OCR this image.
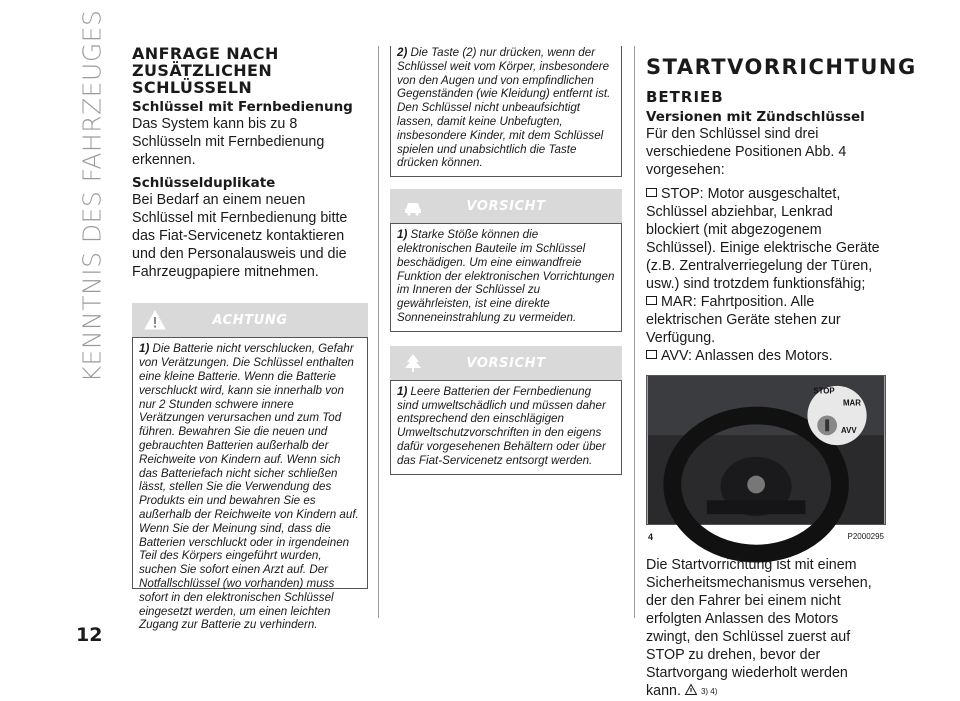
KENNTNIS DES FAHRZEUGES
12
ANFRAGE NACH ZUSÄTZLICHEN SCHLÜSSELN
Schlüssel mit Fernbedienung
Das System kann bis zu 8 Schlüsseln mit Fernbedienung erkennen.
Schlüsselduplikate
Bei Bedarf an einem neuen Schlüssel mit Fernbedienung bitte das Fiat-Servicenetz kontaktieren und den Personalausweis und die Fahrzeugpapiere mitnehmen.
ACHTUNG
1) Die Batterie nicht verschlucken, Gefahr von Verätzungen. Die Schlüssel enthalten eine kleine Batterie. Wenn die Batterie verschluckt wird, kann sie innerhalb von nur 2 Stunden schwere innere Verätzungen verursachen und zum Tod führen. Bewahren Sie die neuen und gebrauchten Batterien außerhalb der Reichweite von Kindern auf. Wenn sich das Batteriefach nicht sicher schließen lässt, stellen Sie die Verwendung des Produkts ein und bewahren Sie es außerhalb der Reichweite von Kindern auf. Wenn Sie der Meinung sind, dass die Batterien verschluckt oder in irgendeinen Teil des Körpers eingeführt wurden, suchen Sie sofort einen Arzt auf. Der Notfallschlüssel (wo vorhanden) muss sofort in den elektronischen Schlüssel eingesetzt werden, um einen leichten Zugang zur Batterie zu verhindern.
2) Die Taste (2) nur drücken, wenn der Schlüssel weit vom Körper, insbesondere von den Augen und von empfindlichen Gegenständen (wie Kleidung) entfernt ist. Den Schlüssel nicht unbeaufsichtigt lassen, damit keine Unbefugten, insbesondere Kinder, mit dem Schlüssel spielen und unabsichtlich die Taste drücken können.
VORSICHT
1) Starke Stöße können die elektronischen Bauteile im Schlüssel beschädigen. Um eine einwandfreie Funktion der elektronischen Vorrichtungen im Inneren der Schlüssel zu gewährleisten, ist eine direkte Sonneneinstrahlung zu vermeiden.
VORSICHT
1) Leere Batterien der Fernbedienung sind umweltschädlich und müssen daher entsprechend den einschlägigen Umweltschutzvorschriften in den eigens dafür vorgesehenen Behältern oder über das Fiat-Servicenetz entsorgt werden.
STARTVORRICHTUNG
BETRIEB
Versionen mit Zündschlüssel
Für den Schlüssel sind drei verschiedene Positionen Abb. 4 vorgesehen:
STOP: Motor ausgeschaltet, Schlüssel abziehbar, Lenkrad blockiert (mit abgezogenem Schlüssel). Einige elektrische Geräte (z.B. Zentralverriegelung der Türen, usw.) sind trotzdem funktionsfähig;
MAR: Fahrtposition. Alle elektrischen Geräte stehen zur Verfügung.
AVV: Anlassen des Motors.
STOP
MAR
AVV
4	P2000295
Die Startvorrichtung ist mit einem Sicherheitsmechanismus versehen, der den Fahrer bei einem nicht erfolgten Anlassen des Motors zwingt, den Schlüssel zuerst auf STOP zu drehen, bevor der Startvorgang wiederholt werden kann. 3) 4)
